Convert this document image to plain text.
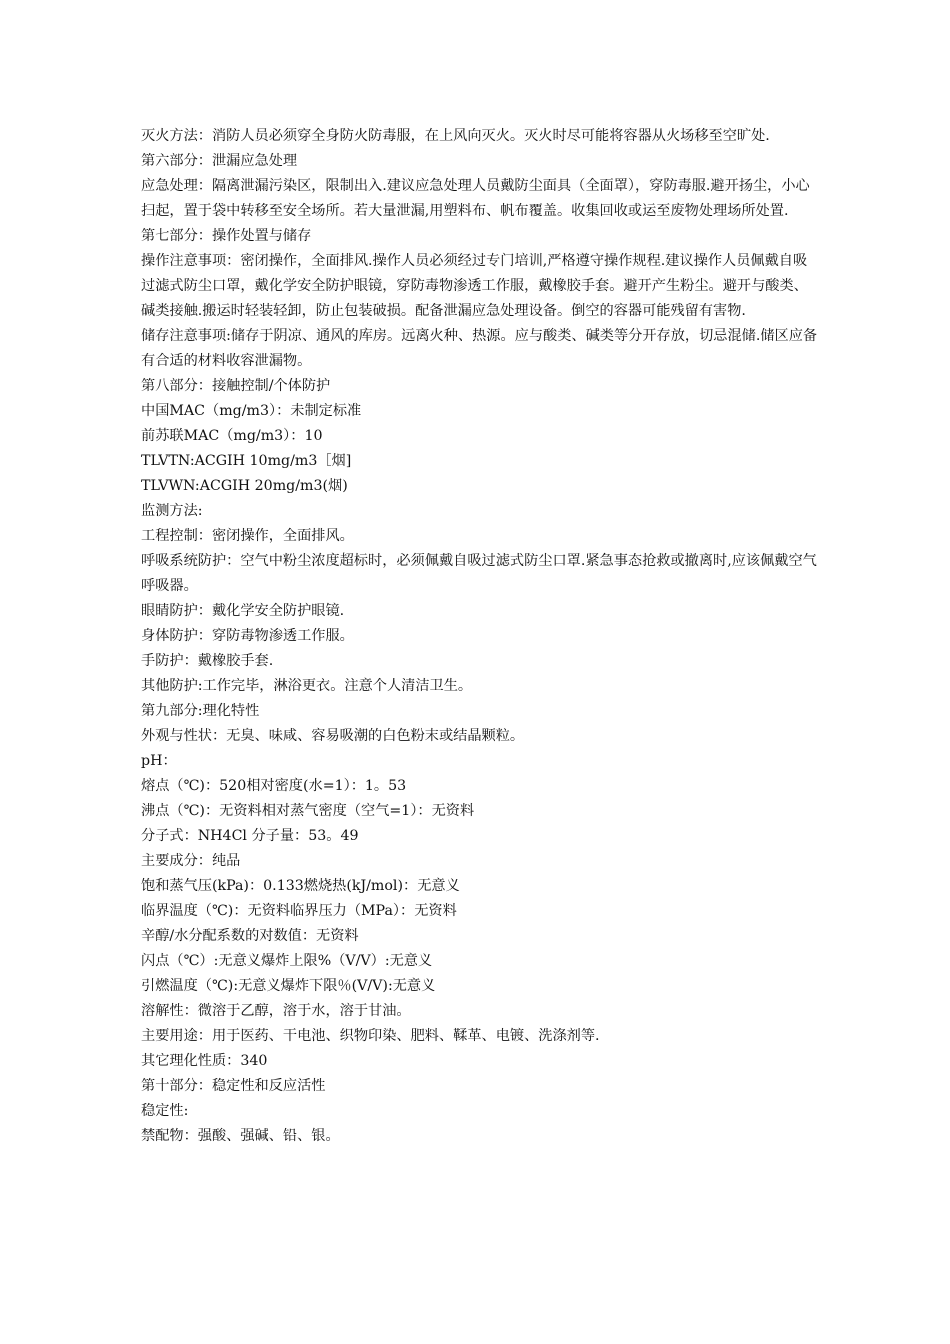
灭火方法：消防人员必须穿全身防火防毒服，在上风向灭火。灭火时尽可能将容器从火场移至空旷处.

第六部分：泄漏应急处理

应急处理：隔离泄漏污染区，限制出入.建议应急处理人员戴防尘面具（全面罩），穿防毒服.避开扬尘，小心扫起，置于袋中转移至安全场所。若大量泄漏,用塑料布、帆布覆盖。收集回收或运至废物处理场所处置.

第七部分：操作处置与储存

操作注意事项：密闭操作，全面排风.操作人员必须经过专门培训,严格遵守操作规程.建议操作人员佩戴自吸过滤式防尘口罩，戴化学安全防护眼镜，穿防毒物渗透工作服，戴橡胶手套。避开产生粉尘。避开与酸类、碱类接触.搬运时轻装轻卸，防止包装破损。配备泄漏应急处理设备。倒空的容器可能残留有害物.

储存注意事项:储存于阴凉、通风的库房。远离火种、热源。应与酸类、碱类等分开存放，切忌混储.储区应备有合适的材料收容泄漏物。

第八部分：接触控制/个体防护

中国MAC（mg/m3）：未制定标准

前苏联MAC（mg/m3）：10

TLVTN:ACGIH 10mg/m3［烟]

TLVWN:ACGIH 20mg/m3(烟)

监测方法:

工程控制：密闭操作，全面排风。

呼吸系统防护：空气中粉尘浓度超标时，必须佩戴自吸过滤式防尘口罩.紧急事态抢救或撤离时,应该佩戴空气呼吸器。

眼睛防护：戴化学安全防护眼镜.

身体防护：穿防毒物渗透工作服。

手防护：戴橡胶手套.

其他防护:工作完毕，淋浴更衣。注意个人清洁卫生。

第九部分:理化特性

外观与性状：无臭、味咸、容易吸潮的白色粉末或结晶颗粒。

pH：

熔点（℃)：520相对密度(水=1）：1。53

沸点（℃)：无资料相对蒸气密度（空气=1）：无资料

分子式：NH4Cl 分子量：53。49

主要成分：纯品

饱和蒸气压(kPa)：0.133燃烧热(kJ/mol)：无意义

临界温度（℃)：无资料临界压力（MPa）：无资料

辛醇/水分配系数的对数值：无资料

闪点（℃）:无意义爆炸上限%（V/V）:无意义

引燃温度（℃):无意义爆炸下限％(V/V):无意义

溶解性：微溶于乙醇，溶于水，溶于甘油。

主要用途：用于医药、干电池、织物印染、肥料、鞣革、电镀、洗涤剂等.

其它理化性质：340

第十部分：稳定性和反应活性

稳定性:

禁配物：强酸、强碱、铅、银。
